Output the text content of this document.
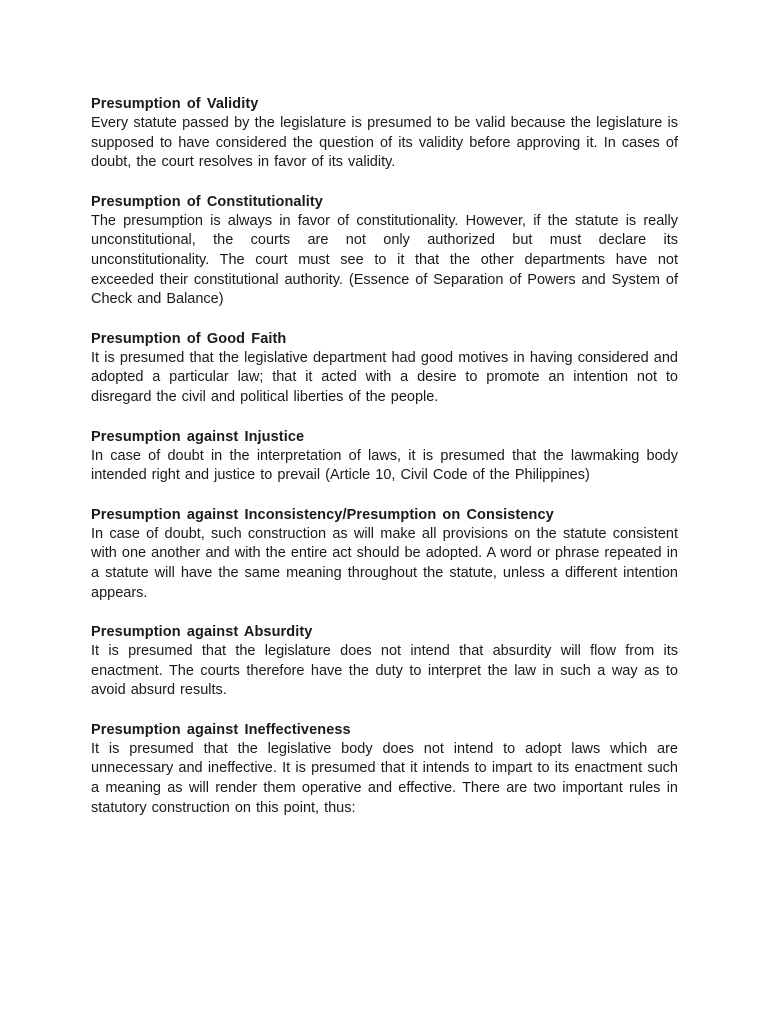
Presumption of Validity

Every statute passed by the legislature is presumed to be valid because the legislature is supposed to have considered the question of its validity before approving it. In cases of doubt, the court resolves in favor of its validity.

Presumption of Constitutionality

The presumption is always in favor of constitutionality. However, if the statute is really unconstitutional, the courts are not only authorized but must declare its unconstitutionality. The court must see to it that the other departments have not exceeded their constitutional authority. (Essence of Separation of Powers and System of Check and Balance)

Presumption of Good Faith

It is presumed that the legislative department had good motives in having considered and adopted a particular law; that it acted with a desire to promote an intention not to disregard the civil and political liberties of the people.

Presumption against Injustice

In case of doubt in the interpretation of laws, it is presumed that the lawmaking body intended right and justice to prevail (Article 10, Civil Code of the Philippines)

Presumption against Inconsistency/Presumption on Consistency

In case of doubt, such construction as will make all provisions on the statute consistent with one another and with the entire act should be adopted. A word or phrase repeated in a statute will have the same meaning throughout the statute, unless a different intention appears.

Presumption against Absurdity

It is presumed that the legislature does not intend that absurdity will flow from its enactment. The courts therefore have the duty to interpret the law in such a way as to avoid absurd results.

Presumption against Ineffectiveness

It is presumed that the legislative body does not intend to adopt laws which are unnecessary and ineffective. It is presumed that it intends to impart to its enactment such a meaning as will render them operative and effective. There are two important rules in statutory construction on this point, thus:
